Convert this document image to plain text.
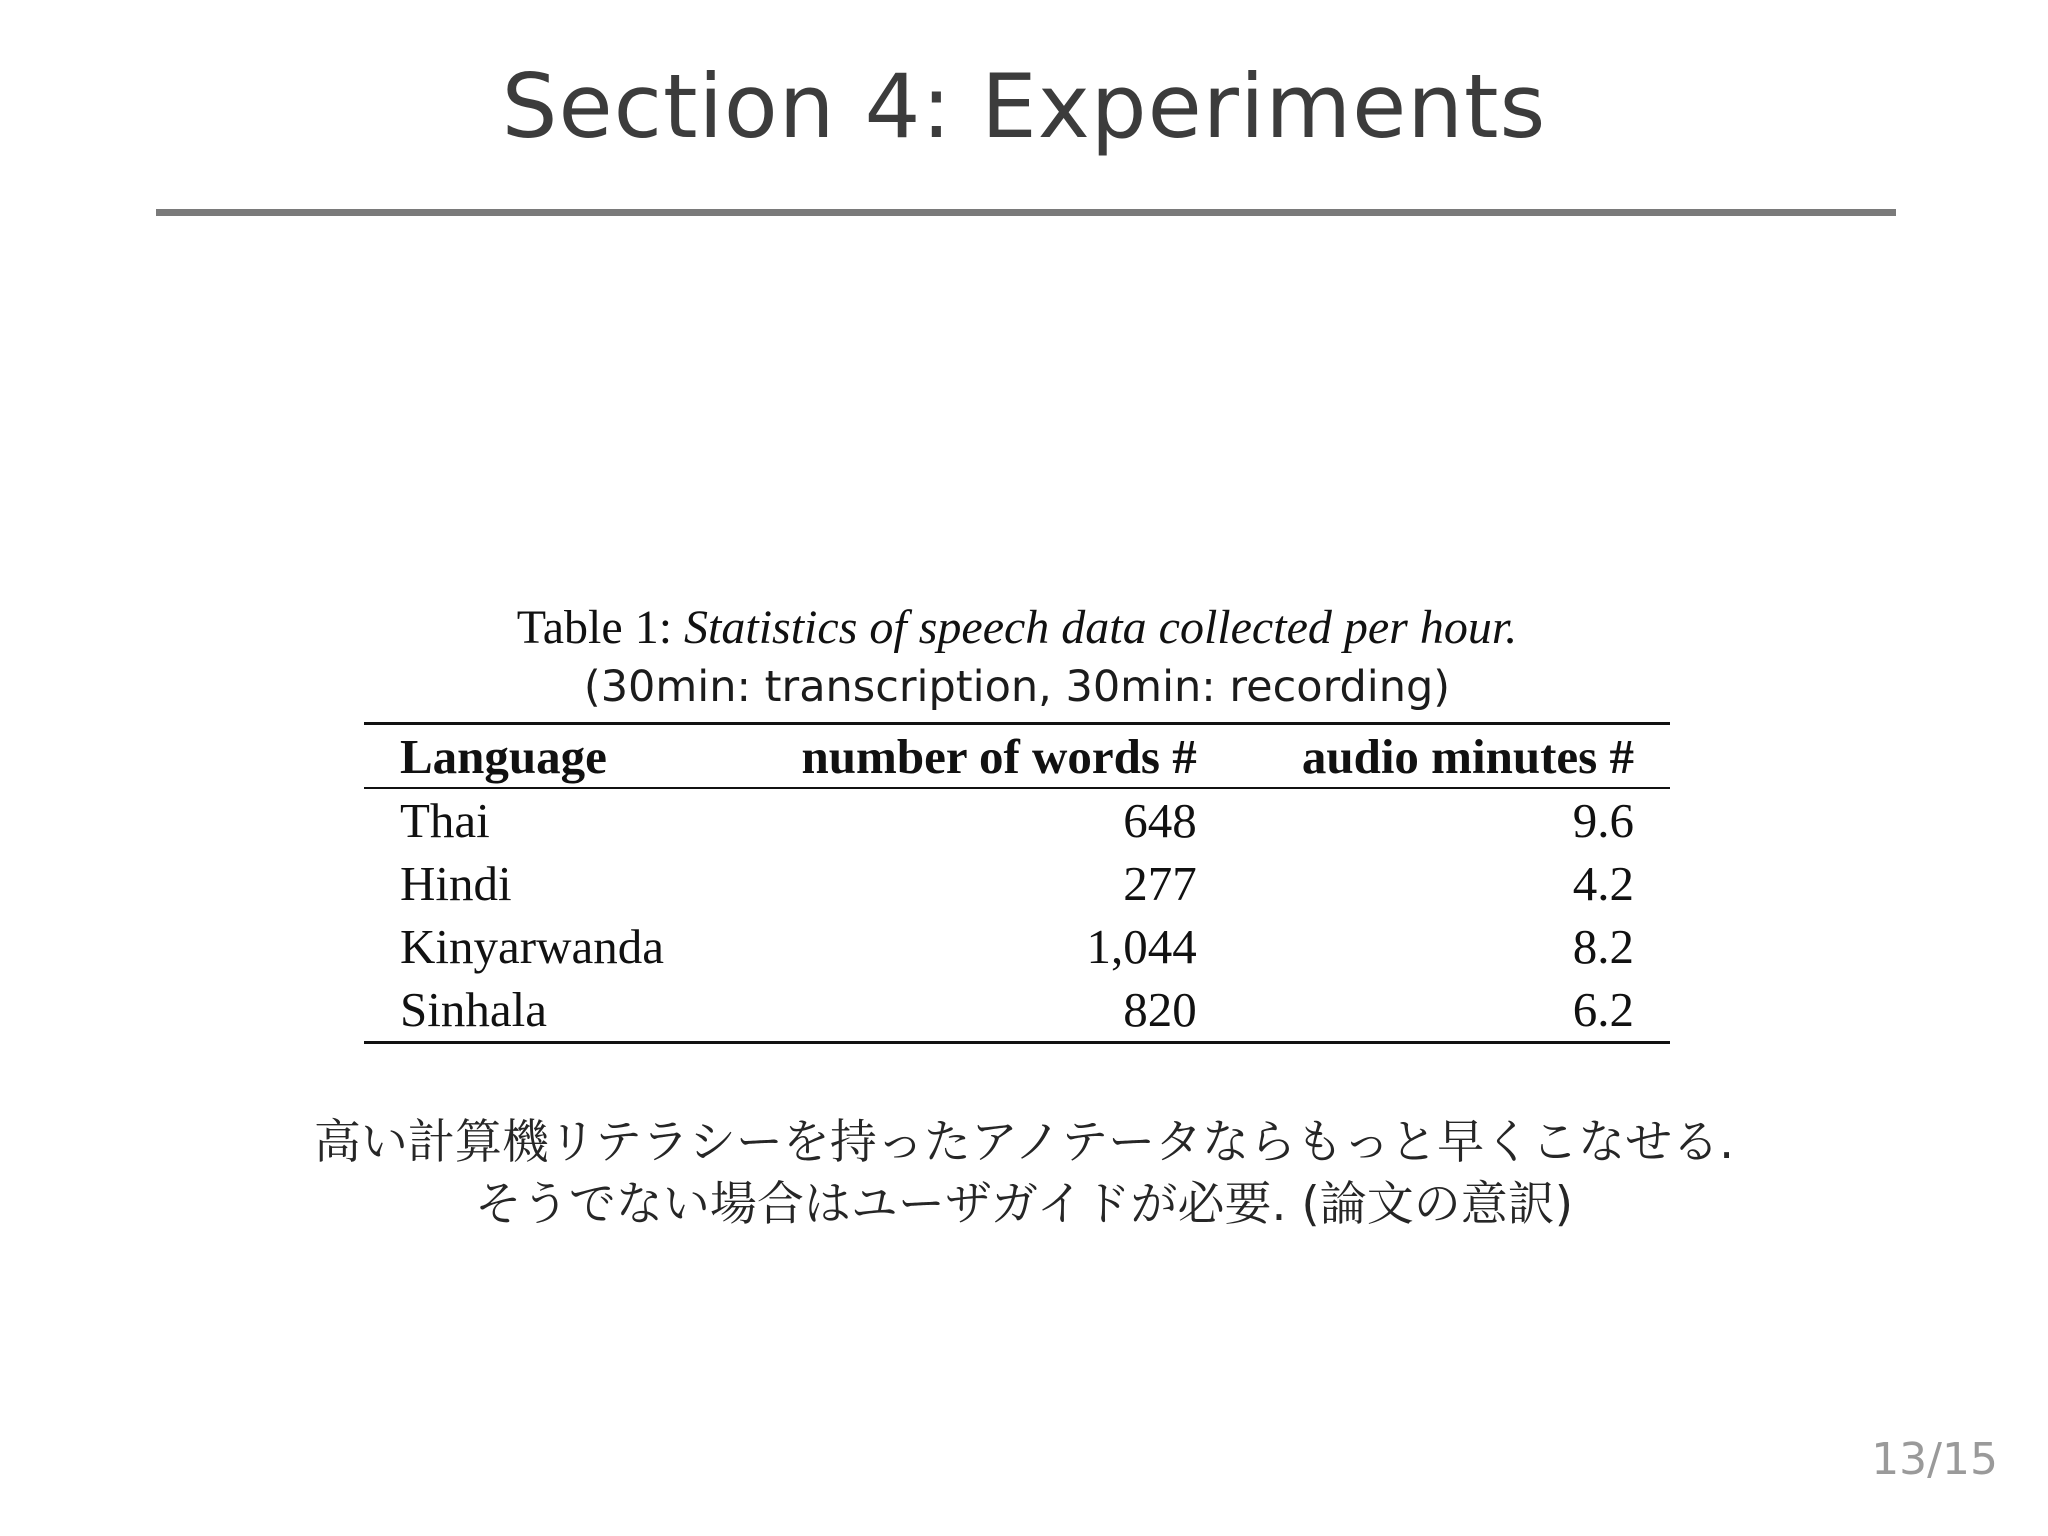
Section 4: Experiments
Table 1: Statistics of speech data collected per hour.
(30min: transcription, 30min: recording)
Language	number of words #	audio minutes #
Thai	648	9.6
Hindi	277	4.2
Kinyarwanda	1,044	8.2
Sinhala	820	6.2
高い計算機リテラシーを持ったアノテータならもっと早くこなせる.
そうでない場合はユーザガイドが必要. (論文の意訳)
13/15
